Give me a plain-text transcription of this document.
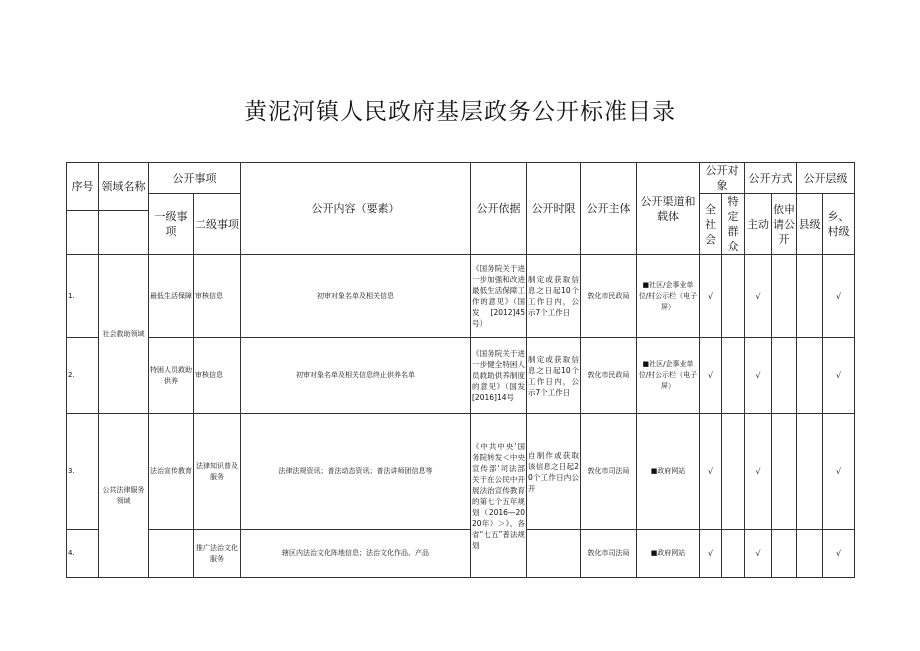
黄泥河镇人民政府基层政务公开标准目录
序号	领域名称	公开事项		公开内容（要素）	公开依据	公开时限	公开主体	公开渠道和载体	公开对象		公开方式		公开层级	
		一级事项	二级事项						全社会	特定群众	主动	依申请公开	县级	乡、村级

1.	社会救助领域	最低生活保障	审核信息	初审对象名单及相关信息	《国务院关于进一步加强和改进最低生活保障工作的意见》（国发[2012]45号）	制定或获取信息之日起10个工作日内，公示7个工作日	敦化市民政局	■社区/企事业单位/村公示栏（电子屏）	√		√			√
2.		特困人员救助供养	审核信息	初审对象名单及相关信息终止供养名单	《国务院关于进一步健全特困人员救助供养制度的意见》（国发[2016]14号	制定或获取信息之日起10个工作日内，公示7个工作日	敦化市民政局	■社区/企事业单位/村公示栏（电子屏）	√		√			√
3.	公共法律服务领域	法治宣传教育	法律知识普及服务	法律法规资讯；普法动态资讯；普法讲师团信息等	《中共中央’国务院转发＜中央宣传部’司法部关于在公民中开展法治宣传教育的第七个五年规划（2016—2020年）＞》、各省“七五”普法规划	自制作或获取该信息之日起20个工作日内公开	敦化市司法局	■政府网站	√		√			√
4.			推广法治文化服务	辖区内法治文化阵地信息；法治文化作品、产品			敦化市司法局	■政府网站	√		√			√
